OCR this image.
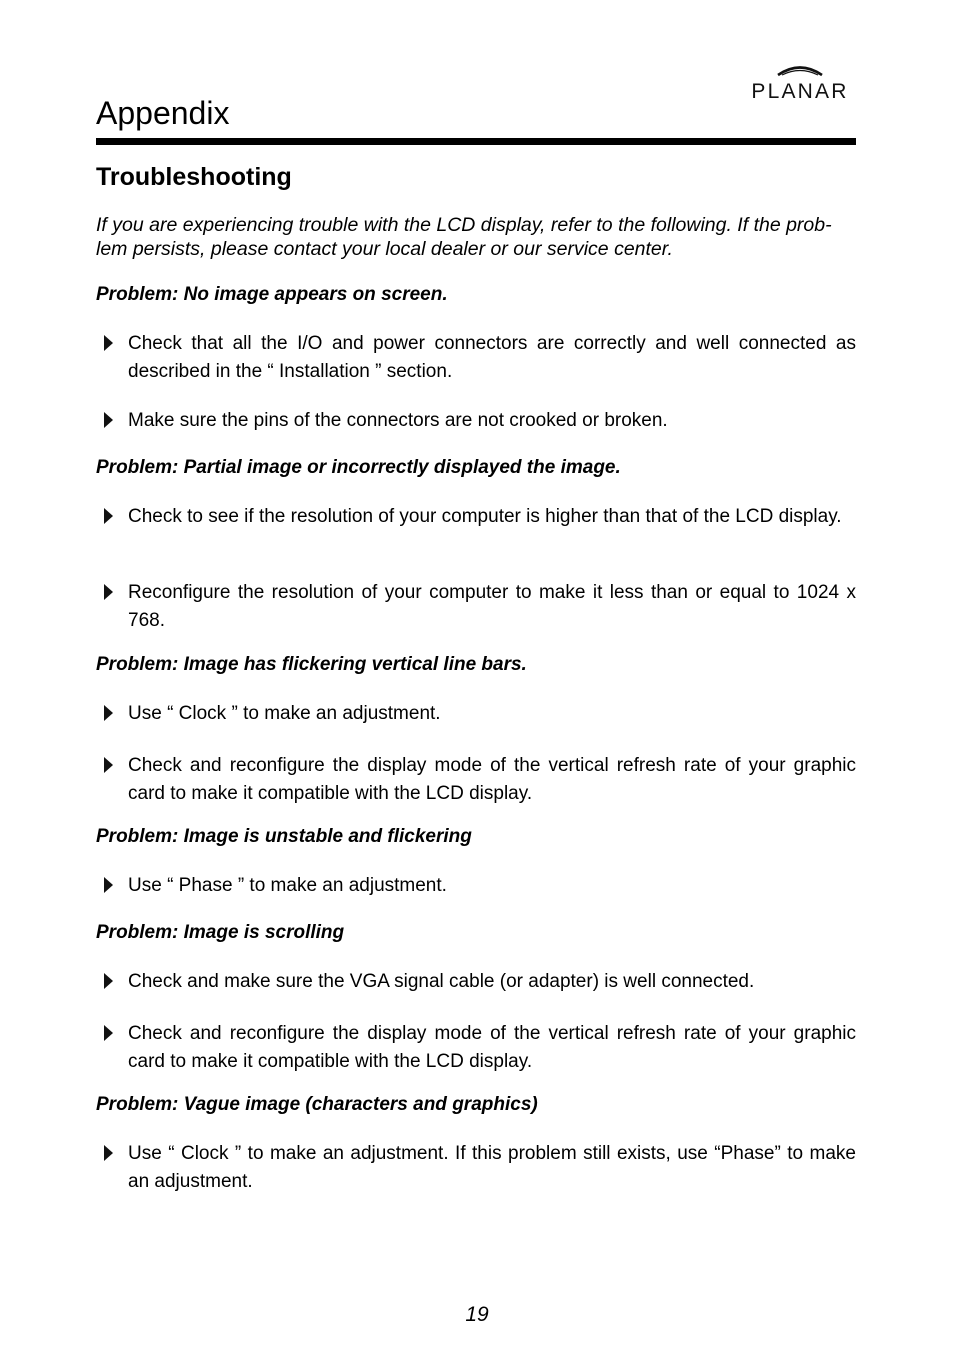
PLANAR
Appendix
Troubleshooting

If you are experiencing trouble with the LCD display, refer to the following. If the prob- lem persists, please contact your local dealer or our service center.

Problem: No image appears on screen.

Check that all the I/O and power connectors are correctly and well connected as described in the “ Installation ” section.

Make sure the pins of the connectors are not crooked or broken.

Problem: Partial image or incorrectly displayed the image.

Check to see if the resolution of your computer is higher than that of the LCD display.

Reconfigure the resolution of your computer to make it less than or equal to 1024 x 768.

Problem: Image has flickering vertical line bars.

Use “ Clock ” to make an adjustment.

Check and reconfigure the display mode of the vertical refresh rate of your graphic card to make it compatible with the LCD display.

Problem: Image is unstable and flickering

Use “ Phase ” to make an adjustment.

Problem: Image is scrolling

Check and make sure the VGA signal cable (or adapter) is well connected.

Check and reconfigure the display mode of the vertical refresh rate of your graphic card to make it compatible with the LCD display.

Problem: Vague image (characters and graphics)

Use “ Clock ” to make an adjustment. If this problem still exists, use “Phase” to make an adjustment.

19
